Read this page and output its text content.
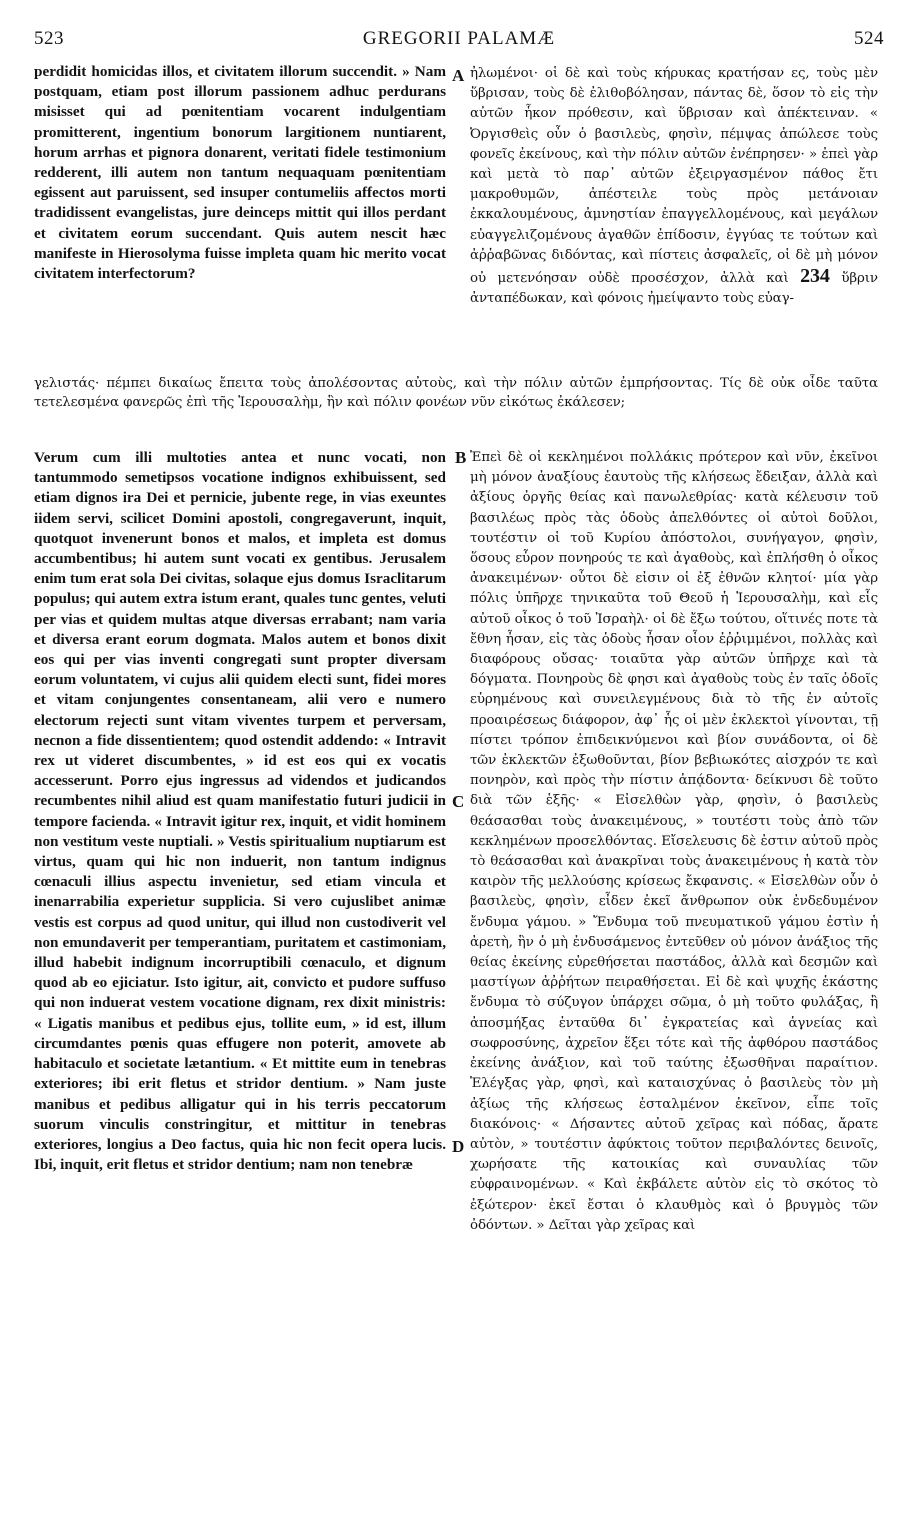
523	GREGORII PALAMÆ	524

perdidit homicidas illos, et civitatem illorum succendit. » Nam postquam, etiam post illorum passionem adhuc perdurans misisset qui ad pœnitentiam vocarent indulgentiam promitterent, ingentium bonorum largitionem nuntiarent, horum arrhas et pignora donarent, veritati fidele testimonium redderent, illi autem non tantum nequaquam pœnitentiam egissent aut paruissent, sed insuper contumeliis affectos morti tradidissent evangelistas, jure deinceps mittit qui illos perdant et civitatem eorum succendant. Quis autem nescit hæc manifeste in Hierosolyma fuisse impleta quam hic merito vocat civitatem interfectorum?

A ἠλωμένοι· οἱ δὲ καὶ τοὺς κήρυκας κρατήσαν ες, τοὺς μὲν ὕβρισαν, τοὺς δὲ ἐλιθοβόλησαν, πάντας δὲ, ὅσον τὸ εἰς τὴν αὐτῶν ἧκον πρόθεσιν, καὶ ὕβρισαν καὶ ἀπέκτειναν. « Ὀργισθεὶς οὖν ὁ βασιλεὺς, φησὶν, πέμψας ἀπώλεσε τοὺς φονεῖς ἐκείνους, καὶ τὴν πόλιν αὐτῶν ἐνέπρησεν· » ἐπεὶ γὰρ καὶ μετὰ τὸ παρ᾽ αὐτῶν ἐξειργασμένον πάθος ἔτι μακροθυμῶν, ἀπέστειλε τοὺς πρὸς μετάνοιαν ἐκκαλουμένους, ἀμνηστίαν ἐπαγγελλομένους, καὶ μεγάλων εὐαγγελιζομένους ἀγαθῶν ἐπίδοσιν, ἐγγύας τε τούτων καὶ ἀῤῥαβῶνας διδόντας, καὶ πίστεις ἀσφαλεῖς, οἱ δὲ μὴ μόνον οὐ μετενόησαν οὐδὲ προσέσχον, ἀλλὰ καὶ 234 ὕβριν ἀνταπέδωκαν, καὶ φόνοις ἠμείψαντο τοὺς εὐαγ-

γελιστάς· πέμπει δικαίως ἔπειτα τοὺς ἀπολέσοντας αὐτοὺς, καὶ τὴν πόλιν αὐτῶν ἐμπρήσοντας. Τίς δὲ οὐκ οἶδε ταῦτα τετελεσμένα φανερῶς ἐπὶ τῆς Ἱερουσαλὴμ, ἣν καὶ πόλιν φονέων νῦν εἰκότως ἐκάλεσεν;

Verum cum illi multoties antea et nunc vocati, non tantummodo semetipsos vocatione indignos exhibuissent, sed etiam dignos ira Dei et pernicie, jubente rege, in vias exeuntes iidem servi, scilicet Domini apostoli, congregaverunt, inquit, quotquot invenerunt bonos et malos, et impleta est domus accumbentibus; hi autem sunt vocati ex gentibus. Jerusalem enim tum erat sola Dei civitas, solaque ejus domus Israclitarum populus; qui autem extra istum erant, quales tunc gentes, veluti per vias et quidem multas atque diversas errabant; nam varia et diversa erant eorum dogmata. Malos autem et bonos dixit eos qui per vias inventi congregati sunt propter diversam eorum voluntatem, vi cujus alii quidem electi sunt, fidei mores et vitam conjungentes consentaneam, alii vero e numero electorum rejecti sunt vitam viventes turpem et perversam, necnon a fide dissentientem; quod ostendit addendo: « Intravit rex ut videret discumbentes, » id est eos qui ex vocatis accesserunt. Porro ejus ingressus ad videndos et judicandos recumbentes nihil aliud est quam manifestatio futuri judicii in tempore facienda. « Intravit igitur rex, inquit, et vidit hominem non vestitum veste nuptiali. » Vestis spiritualium nuptiarum est virtus, quam qui hic non induerit, non tantum indignus cœnaculi illius aspectu invenietur, sed etiam vincula et inenarrabilia experietur supplicia. Si vero cujuslibet animæ vestis est corpus ad quod unitur, qui illud non custodiverit vel non emundaverit per temperantiam, puritatem et castimoniam, illud habebit indignum incorruptibili cœnaculo, et dignum quod ab eo ejiciatur. Isto igitur, ait, convicto et pudore suffuso qui non induerat vestem vocatione dignam, rex dixit ministris: « Ligatis manibus et pedibus ejus, tollite eum, » id est, illum circumdantes pœnis quas effugere non poterit, amovete ab habitaculo et societate lætantium. « Et mittite eum in tenebras exteriores; ibi erit fletus et stridor dentium. » Nam juste manibus et pedibus alligatur qui in his terris peccatorum suorum vinculis constringitur, et mittitur in tenebras exteriores, longius a Deo factus, quia hic non fecit opera lucis. Ibi, inquit, erit fletus et stridor dentium; nam non tenebræ

B
C
D

Ἐπεὶ δὲ οἱ κεκλημένοι πολλάκις πρότερον καὶ νῦν, ἐκεῖνοι μὴ μόνον ἀναξίους ἑαυτοὺς τῆς κλήσεως ἔδειξαν, ἀλλὰ καὶ ἀξίους ὀργῆς θείας καὶ πανωλεθρίας· κατὰ κέλευσιν τοῦ βασιλέως πρὸς τὰς ὁδοὺς ἀπελθόντες οἱ αὐτοὶ δοῦλοι, τουτέστιν οἱ τοῦ Κυρίου ἀπόστολοι, συνήγαγον, φησὶν, ὅσους εὗρον πονηρούς τε καὶ ἀγαθοὺς, καὶ ἐπλήσθη ὁ οἶκος ἀνακειμένων· οὗτοι δὲ εἰσιν οἱ ἐξ ἐθνῶν κλητοί· μία γὰρ πόλις ὑπῆρχε τηνικαῦτα τοῦ Θεοῦ ἡ Ἱερουσαλὴμ, καὶ εἷς αὐτοῦ οἶκος ὁ τοῦ Ἰσραὴλ· οἱ δὲ ἔξω τούτου, οἵτινές ποτε τὰ ἔθνη ἦσαν, εἰς τὰς ὁδοὺς ἦσαν οἷον ἐῤῥιμμένοι, πολλὰς καὶ διαφόρους οὔσας· τοιαῦτα γὰρ αὐτῶν ὑπῆρχε καὶ τὰ δόγματα. Πονηροὺς δὲ φησι καὶ ἀγαθοὺς τοὺς ἐν ταῖς ὁδοῖς εὑρημένους καὶ συνειλεγμένους διὰ τὸ τῆς ἐν αὐτοῖς προαιρέσεως διάφορον, ἀφ᾽ ἧς οἱ μὲν ἐκλεκτοὶ γίνονται, τῇ πίστει τρόπον ἐπιδεικνύμενοι καὶ βίον συνάδοντα, οἱ δὲ τῶν ἐκλεκτῶν ἐξωθοῦνται, βίον βεβιωκότες αἰσχρόν τε καὶ πονηρὸν, καὶ πρὸς τὴν πίστιν ἀπᾴδοντα· δείκνυσι δὲ τοῦτο διὰ τῶν ἑξῆς· « Εἰσελθὼν γὰρ, φησὶν, ὁ βασιλεὺς θεάσασθαι τοὺς ἀνακειμένους, » τουτέστι τοὺς ἀπὸ τῶν κεκλημένων προσελθόντας. Εἴσελευσις δὲ ἐστιν αὐτοῦ πρὸς τὸ θεάσασθαι καὶ ἀνακρῖναι τοὺς ἀνακειμένους ἡ κατὰ τὸν καιρὸν τῆς μελλούσης κρίσεως ἔκφανσις. « Εἰσελθὼν οὖν ὁ βασιλεὺς, φησὶν, εἶδεν ἐκεῖ ἄνθρωπον οὐκ ἐνδεδυμένον ἔνδυμα γάμου. » Ἔνδυμα τοῦ πνευματικοῦ γάμου ἐστὶν ἡ ἀρετὴ, ἣν ὁ μὴ ἐνδυσάμενος ἐντεῦθεν οὐ μόνον ἀνάξιος τῆς θείας ἐκείνης εὑρεθήσεται παστάδος, ἀλλὰ καὶ δεσμῶν καὶ μαστίγων ἀῤῥήτων πειραθήσεται. Εἰ δὲ καὶ ψυχῆς ἑκάστης ἔνδυμα τὸ σύζυγον ὑπάρχει σῶμα, ὁ μὴ τοῦτο φυλάξας, ἢ ἀποσμήξας ἐνταῦθα δι᾽ ἐγκρατείας καὶ ἁγνείας καὶ σωφροσύνης, ἀχρεῖον ἕξει τότε καὶ τῆς ἀφθόρου παστάδος ἐκείνης ἀνάξιον, καὶ τοῦ ταύτης ἐξωσθῆναι παραίτιον. Ἐλέγξας γὰρ, φησὶ, καὶ καταισχύνας ὁ βασιλεὺς τὸν μὴ ἀξίως τῆς κλήσεως ἐσταλμένον ἐκεῖνον, εἶπε τοῖς διακόνοις· « Δήσαντες αὐτοῦ χεῖρας καὶ πόδας, ἄρατε αὐτὸν, » τουτέστιν ἀφύκτοις τοῦτον περιβαλόντες δεινοῖς, χωρήσατε τῆς κατοικίας καὶ συναυλίας τῶν εὐφραινομένων. « Καὶ ἐκβάλετε αὐτὸν εἰς τὸ σκότος τὸ ἐξώτερον· ἐκεῖ ἔσται ὁ κλαυθμὸς καὶ ὁ βρυγμὸς τῶν ὀδόντων. » Δεῖται γὰρ χεῖρας καὶ
